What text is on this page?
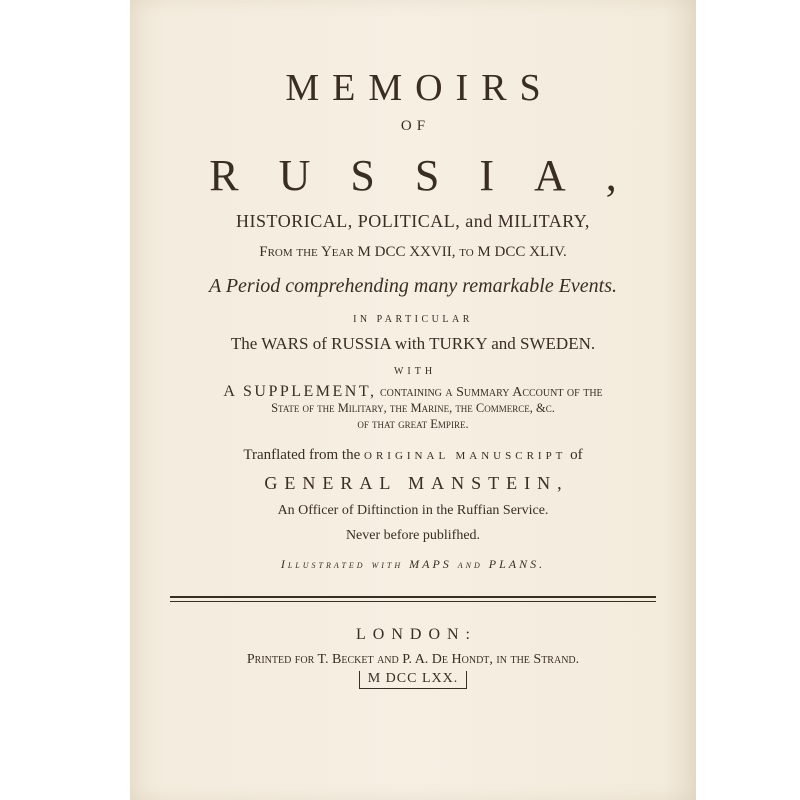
MEMOIRS
OF
RUSSIA,
HISTORICAL, POLITICAL, and MILITARY,
From the Year M DCC XXVII, to M DCC XLIV.
A Period comprehending many remarkable Events.
IN PARTICULAR
The WARS of RUSSIA with TURKY and SWEDEN.
WITH
A SUPPLEMENT, containing a Summary Account of the
State of the Military, the Marine, the Commerce, &c.
of that great Empire.
Tranflated from the ORIGINAL MANUSCRIPT of
GENERAL MANSTEIN,
An Officer of Diftinction in the Ruffian Service.
Never before publifhed.
Illustrated with MAPS and PLANS.
LONDON:
Printed for T. Becket and P. A. De Hondt, in the Strand.
M DCC LXX.
